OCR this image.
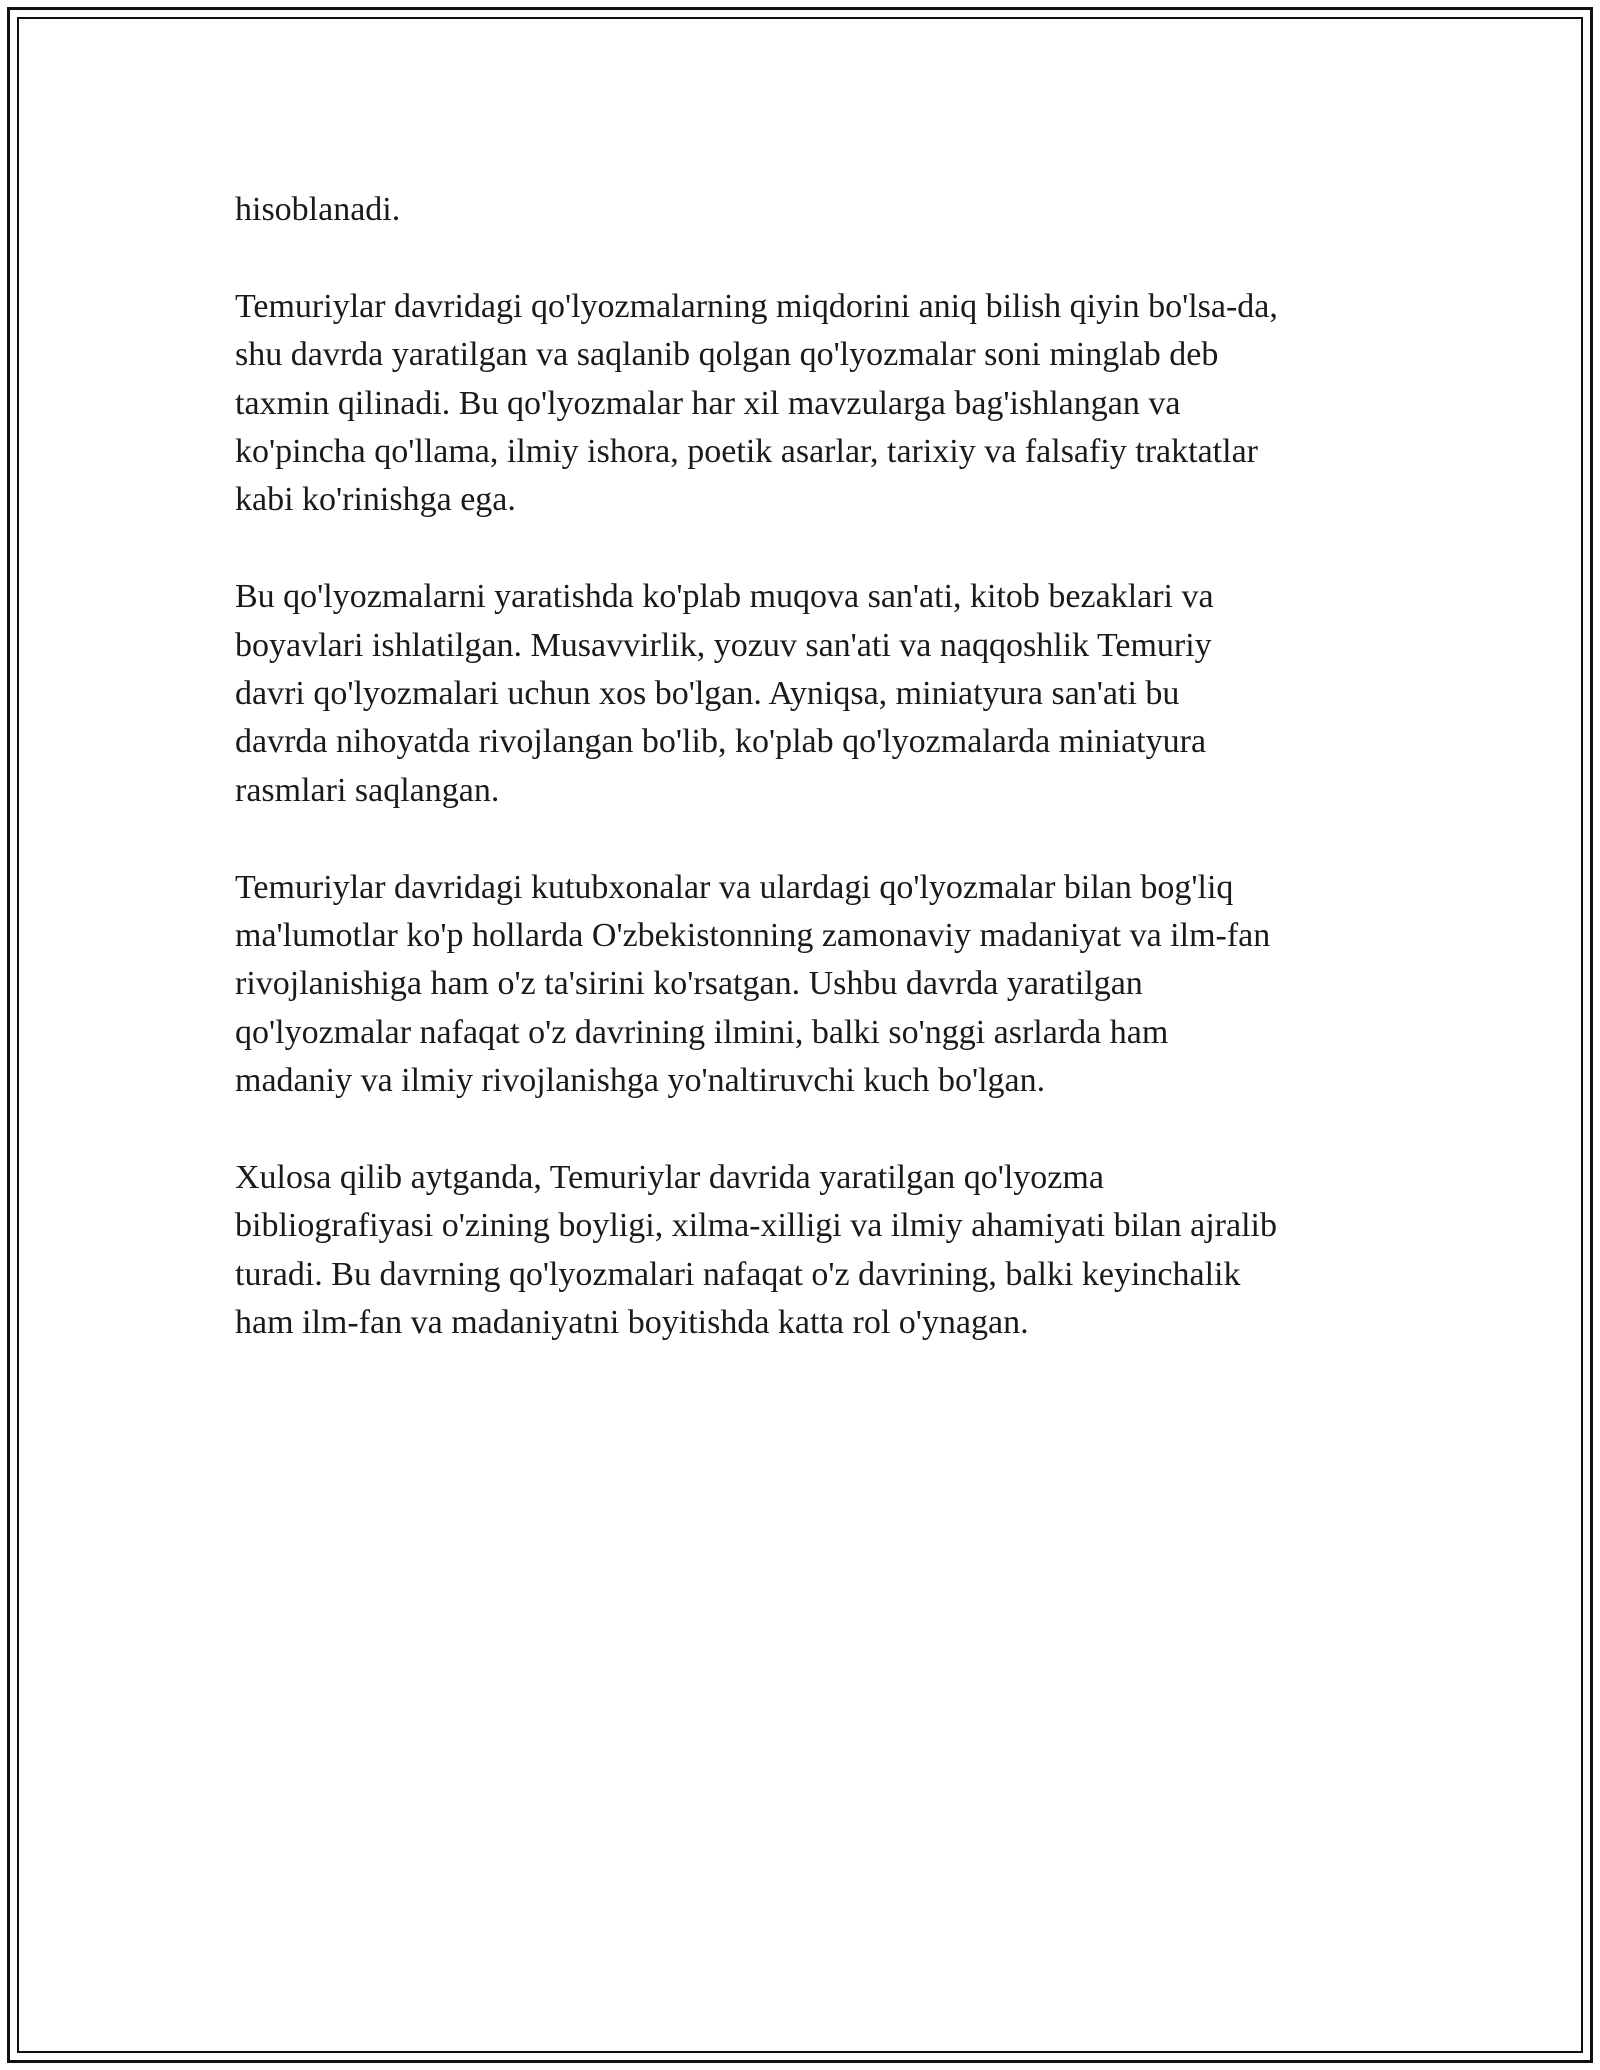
hisoblanadi.

Temuriylar davridagi qo'lyozmalarning miqdorini aniq bilish qiyin bo'lsa-da,
shu davrda yaratilgan va saqlanib qolgan qo'lyozmalar soni minglab deb
taxmin qilinadi. Bu qo'lyozmalar har xil mavzularga bag'ishlangan va
ko'pincha qo'llama, ilmiy ishora, poetik asarlar, tarixiy va falsafiy traktatlar
kabi ko'rinishga ega.

Bu qo'lyozmalarni yaratishda ko'plab muqova san'ati, kitob bezaklari va
boyavlari ishlatilgan. Musavvirlik, yozuv san'ati va naqqoshlik Temuriy
davri qo'lyozmalari uchun xos bo'lgan. Ayniqsa, miniatyura san'ati bu
davrda nihoyatda rivojlangan bo'lib, ko'plab qo'lyozmalarda miniatyura
rasmlari saqlangan.

Temuriylar davridagi kutubxonalar va ulardagi qo'lyozmalar bilan bog'liq
ma'lumotlar ko'p hollarda O'zbekistonning zamonaviy madaniyat va ilm-fan
rivojlanishiga ham o'z ta'sirini ko'rsatgan. Ushbu davrda yaratilgan
qo'lyozmalar nafaqat o'z davrining ilmini, balki so'nggi asrlarda ham
madaniy va ilmiy rivojlanishga yo'naltiruvchi kuch bo'lgan.

Xulosa qilib aytganda, Temuriylar davrida yaratilgan qo'lyozma
bibliografiyasi o'zining boyligi, xilma-xilligi va ilmiy ahamiyati bilan ajralib
turadi. Bu davrning qo'lyozmalari nafaqat o'z davrining, balki keyinchalik
ham ilm-fan va madaniyatni boyitishda katta rol o'ynagan.
